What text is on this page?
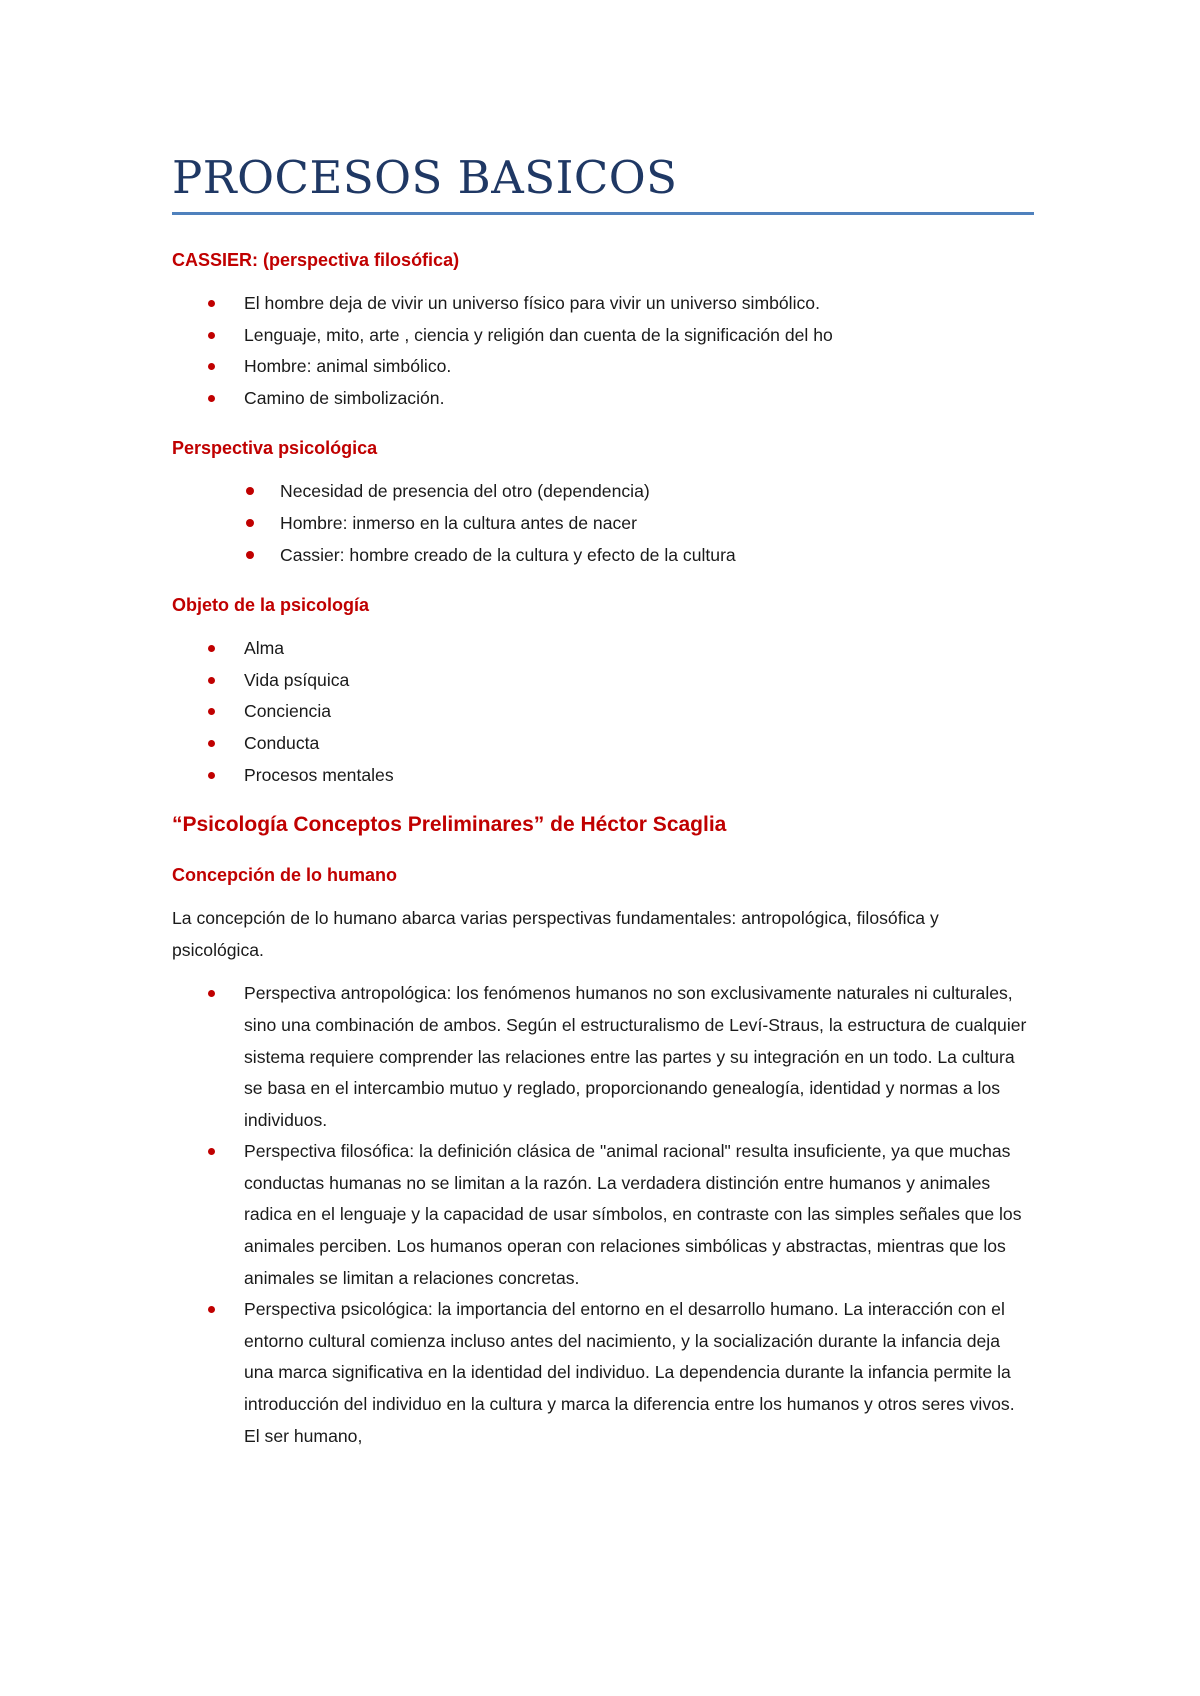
PROCESOS BASICOS
CASSIER: (perspectiva filosófica)
El hombre deja de vivir un universo físico para vivir un universo simbólico.
Lenguaje, mito, arte , ciencia y religión dan cuenta de la significación del ho
Hombre: animal simbólico.
Camino de simbolización.
Perspectiva psicológica
Necesidad de presencia del otro (dependencia)
Hombre: inmerso en la cultura antes de nacer
Cassier: hombre creado de la cultura y efecto de la cultura
Objeto de la psicología
Alma
Vida psíquica
Conciencia
Conducta
Procesos mentales
“Psicología Conceptos Preliminares” de Héctor Scaglia
Concepción de lo humano

La concepción de lo humano abarca varias perspectivas fundamentales: antropológica, filosófica y psicológica.

Perspectiva antropológica: los fenómenos humanos no son exclusivamente naturales ni culturales, sino una combinación de ambos. Según el estructuralismo de Leví-Straus, la estructura de cualquier sistema requiere comprender las relaciones entre las partes y su integración en un todo. La cultura se basa en el intercambio mutuo y reglado, proporcionando genealogía, identidad y normas a los individuos.
Perspectiva filosófica: la definición clásica de "animal racional" resulta insuficiente, ya que muchas conductas humanas no se limitan a la razón. La verdadera distinción entre humanos y animales radica en el lenguaje y la capacidad de usar símbolos, en contraste con las simples señales que los animales perciben. Los humanos operan con relaciones simbólicas y abstractas, mientras que los animales se limitan a relaciones concretas.
Perspectiva psicológica: la importancia del entorno en el desarrollo humano. La interacción con el entorno cultural comienza incluso antes del nacimiento, y la socialización durante la infancia deja una marca significativa en la identidad del individuo. La dependencia durante la infancia permite la introducción del individuo en la cultura y marca la diferencia entre los humanos y otros seres vivos. El ser humano,
